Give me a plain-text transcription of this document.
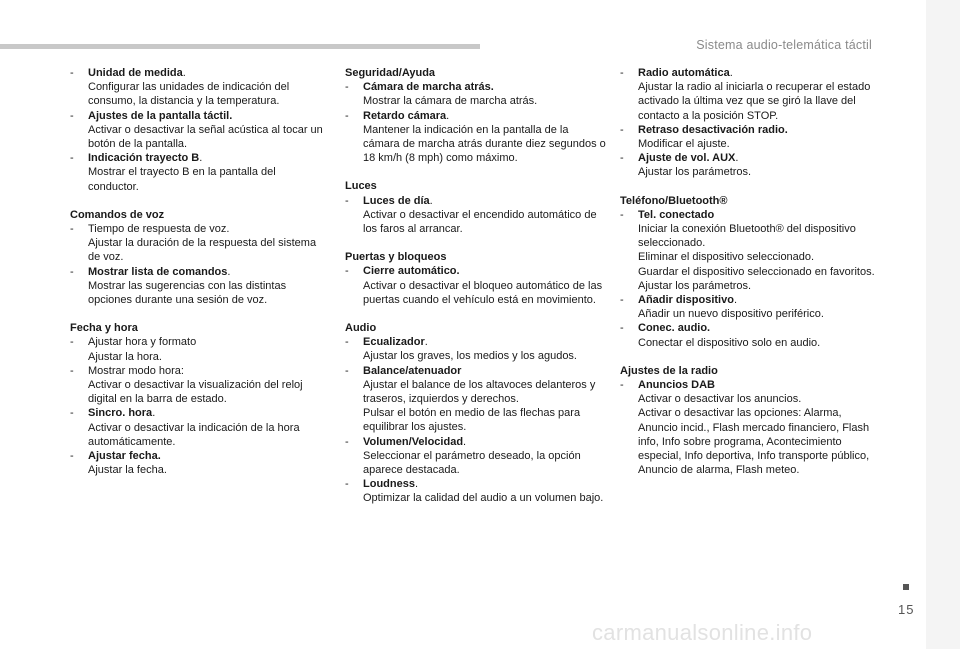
Sistema audio-telemática táctil
- Unidad de medida.
Configurar las unidades de indicación del consumo, la distancia y la temperatura.
- Ajustes de la pantalla táctil.
Activar o desactivar la señal acústica al tocar un botón de la pantalla.
- Indicación trayecto B.
Mostrar el trayecto B en la pantalla del conductor.
Comandos de voz
- Tiempo de respuesta de voz.
Ajustar la duración de la respuesta del sistema de voz.
- Mostrar lista de comandos.
Mostrar las sugerencias con las distintas opciones durante una sesión de voz.
Fecha y hora
- Ajustar hora y formato
Ajustar la hora.
- Mostrar modo hora:
Activar o desactivar la visualización del reloj digital en la barra de estado.
- Sincro. hora.
Activar o desactivar la indicación de la hora automáticamente.
- Ajustar fecha.
Ajustar la fecha.
Seguridad/Ayuda
- Cámara de marcha atrás.
Mostrar la cámara de marcha atrás.
- Retardo cámara.
Mantener la indicación en la pantalla de la cámara de marcha atrás durante diez segundos o 18 km/h (8 mph) como máximo.
Luces
- Luces de día.
Activar o desactivar el encendido automático de los faros al arrancar.
Puertas y bloqueos
- Cierre automático.
Activar o desactivar el bloqueo automático de las puertas cuando el vehículo está en movimiento.
Audio
- Ecualizador.
Ajustar los graves, los medios y los agudos.
- Balance/atenuador
Ajustar el balance de los altavoces delanteros y traseros, izquierdos y derechos.
Pulsar el botón en medio de las flechas para equilibrar los ajustes.
- Volumen/Velocidad.
Seleccionar el parámetro deseado, la opción aparece destacada.
- Loudness.
Optimizar la calidad del audio a un volumen bajo.
- Radio automática.
Ajustar la radio al iniciarla o recuperar el estado activado la última vez que se giró la llave del contacto a la posición STOP.
- Retraso desactivación radio.
Modificar el ajuste.
- Ajuste de vol. AUX.
Ajustar los parámetros.
Teléfono/Bluetooth®
- Tel. conectado
Iniciar la conexión Bluetooth® del dispositivo seleccionado.
Eliminar el dispositivo seleccionado.
Guardar el dispositivo seleccionado en favoritos.
Ajustar los parámetros.
- Añadir dispositivo.
Añadir un nuevo dispositivo periférico.
- Conec. audio.
Conectar el dispositivo solo en audio.
Ajustes de la radio
- Anuncios DAB
Activar o desactivar los anuncios.
Activar o desactivar las opciones: Alarma, Anuncio incid., Flash mercado financiero, Flash info, Info sobre programa, Acontecimiento especial, Info deportiva, Info transporte público, Anuncio de alarma, Flash meteo.
15
carmanualsonline.info
